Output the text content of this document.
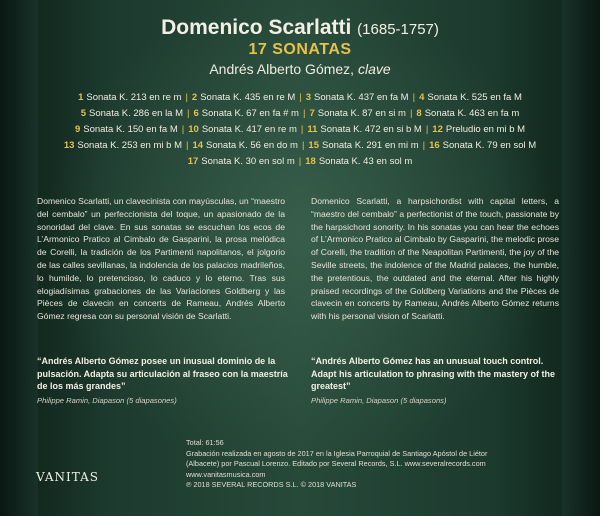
Domenico Scarlatti (1685-1757)
17 SONATAS
Andrés Alberto Gómez, clave
1 Sonata K. 213 en re m | 2 Sonata K. 435 en re M | 3 Sonata K. 437 en fa M | 4 Sonata K. 525 en fa M
5 Sonata K. 286 en la M | 6 Sonata K. 67 en fa # m | 7 Sonata K. 87 en si m | 8 Sonata K. 463 en fa m
9 Sonata K. 150 en fa M | 10 Sonata K. 417 en re m | 11 Sonata K. 472 en si b M | 12 Preludio en mi b M
13 Sonata K. 253 en mi b M | 14 Sonata K. 56 en do m | 15 Sonata K. 291 en mi m | 16 Sonata K. 79 en sol M
17 Sonata K. 30 en sol m | 18 Sonata K. 43 en sol m
Domenico Scarlatti, un clavecinista con mayúsculas, un “maestro del cembalo” un perfeccionista del toque, un apasionado de la sonoridad del clave. En sus sonatas se escuchan los ecos de L’Armonico Pratico al Cimbalo de Gasparini, la prosa melódica de Corelli, la tradición de los Partimenti napolitanos, el jolgorio de las calles sevillanas, la indolencia de los palacios madrileños, lo humilde, lo pretencioso, lo caduco y lo eterno. Tras sus elogiadísimas grabaciones de las Variaciones Goldberg y las Pièces de clavecin en concerts de Rameau, Andrés Alberto Gómez regresa con su personal visión de Scarlatti.
Domenico Scarlatti, a harpsichordist with capital letters, a “maestro del cembalo” a perfectionist of the touch, passionate by the harpsichord sonority. In his sonatas you can hear the echoes of L’Armonico Pratico al Cimbalo by Gasparini, the melodic prose of Corelli, the tradition of the Neapolitan Partimenti, the joy of the Seville streets, the indolence of the Madrid palaces, the humble, the pretentious, the outdated and the eternal. After his highly praised recordings of the Goldberg Variations and the Pièces de clavecin en concerts by Rameau, Andrés Alberto Gómez returns with his personal vision of Scarlatti.
“Andrés Alberto Gómez posee un inusual dominio de la pulsación. Adapta su articulación al fraseo con la maestría de los más grandes”
Philippe Ramin, Diapason (5 diapasones)
“Andrés Alberto Gómez has an unusual touch control. Adapt his articulation to phrasing with the mastery of the greatest”
Philippe Ramin, Diapason (5 diapasons)
VANITAS
Total: 61:56
Grabación realizada en agosto de 2017 en la Iglesia Parroquial de Santiago Apóstol de Liétor
(Albacete) por Pascual Lorenzo. Editado por Several Records, S.L. www.severalrecords.com
www.vanitasmusica.com
℗ 2018 SEVERAL RECORDS S.L. © 2018 VANITAS
